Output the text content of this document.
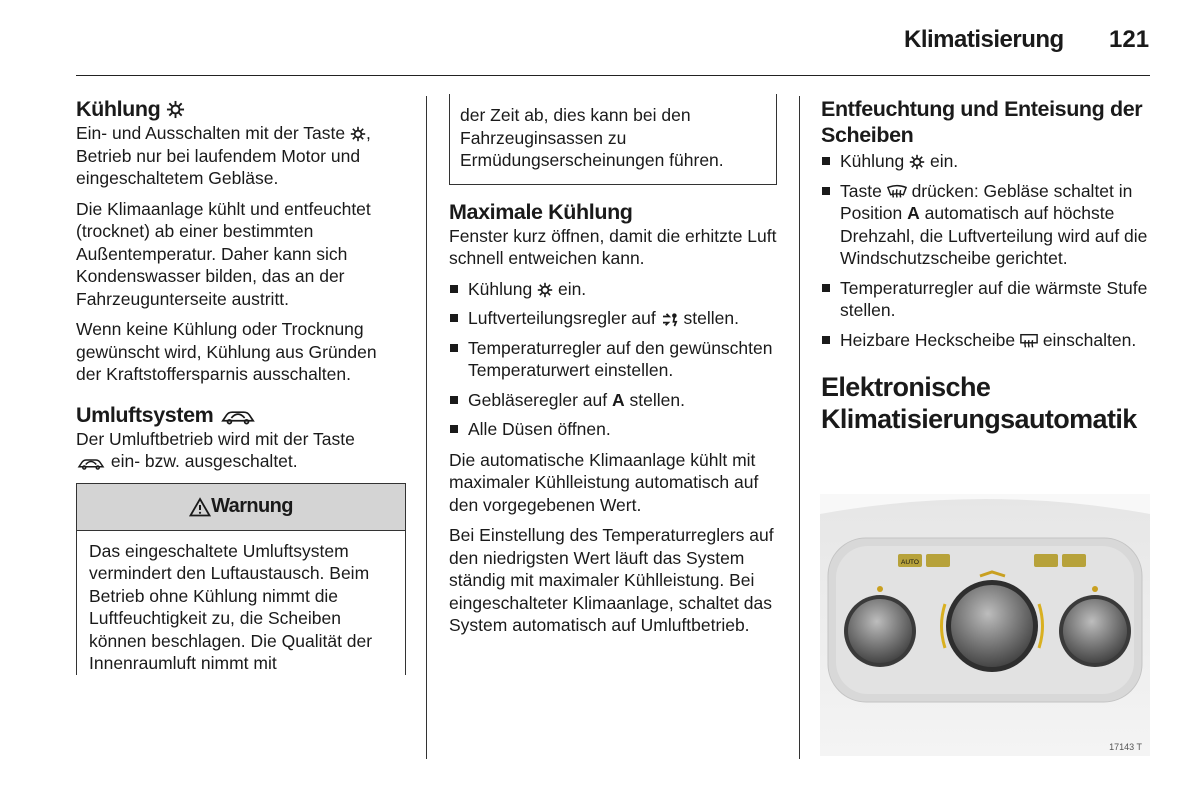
Klimatisierung 121
Kühlung

Ein- und Ausschalten mit der Taste , Betrieb nur bei laufendem Motor und eingeschaltetem Gebläse.

Die Klimaanlage kühlt und entfeuchtet (trocknet) ab einer bestimmten Außentemperatur. Daher kann sich Kondenswasser bilden, das an der Fahrzeugunterseite austritt.

Wenn keine Kühlung oder Trocknung gewünscht wird, Kühlung aus Gründen der Kraftstoffersparnis ausschalten.

Umluftsystem

Der Umluftbetrieb wird mit der Taste
ein- bzw. ausgeschaltet.

Warnung
Das eingeschaltete Umluftsystem vermindert den Luftaustausch. Beim Betrieb ohne Kühlung nimmt die Luftfeuchtigkeit zu, die Scheiben können beschlagen. Die Qualität der Innenraumluft nimmt mit
der Zeit ab, dies kann bei den Fahrzeuginsassen zu Ermüdungserscheinungen führen.
Maximale Kühlung

Fenster kurz öffnen, damit die erhitzte Luft schnell entweichen kann.

Kühlung  ein.
Luftverteilungsregler auf  stellen.
Temperaturregler auf den gewünschten Temperaturwert einstellen.
Gebläseregler auf A stellen.
Alle Düsen öffnen.

Die automatische Klimaanlage kühlt mit maximaler Kühlleistung automatisch auf den vorgegebenen Wert.

Bei Einstellung des Temperaturreglers auf den niedrigsten Wert läuft das System ständig mit maximaler Kühlleistung. Bei eingeschalteter Klimaanlage, schaltet das System automatisch auf Umluftbetrieb.

Entfeuchtung und Enteisung der Scheiben
Kühlung  ein.
Taste  drücken: Gebläse schaltet in Position A automatisch auf höchste Drehzahl, die Luftverteilung wird auf die Windschutzscheibe gerichtet.
Temperaturregler auf die wärmste Stufe stellen.
Heizbare Heckscheibe  einschalten.
Elektronische Klimatisierungsautomatik
AUTO
17143 T
